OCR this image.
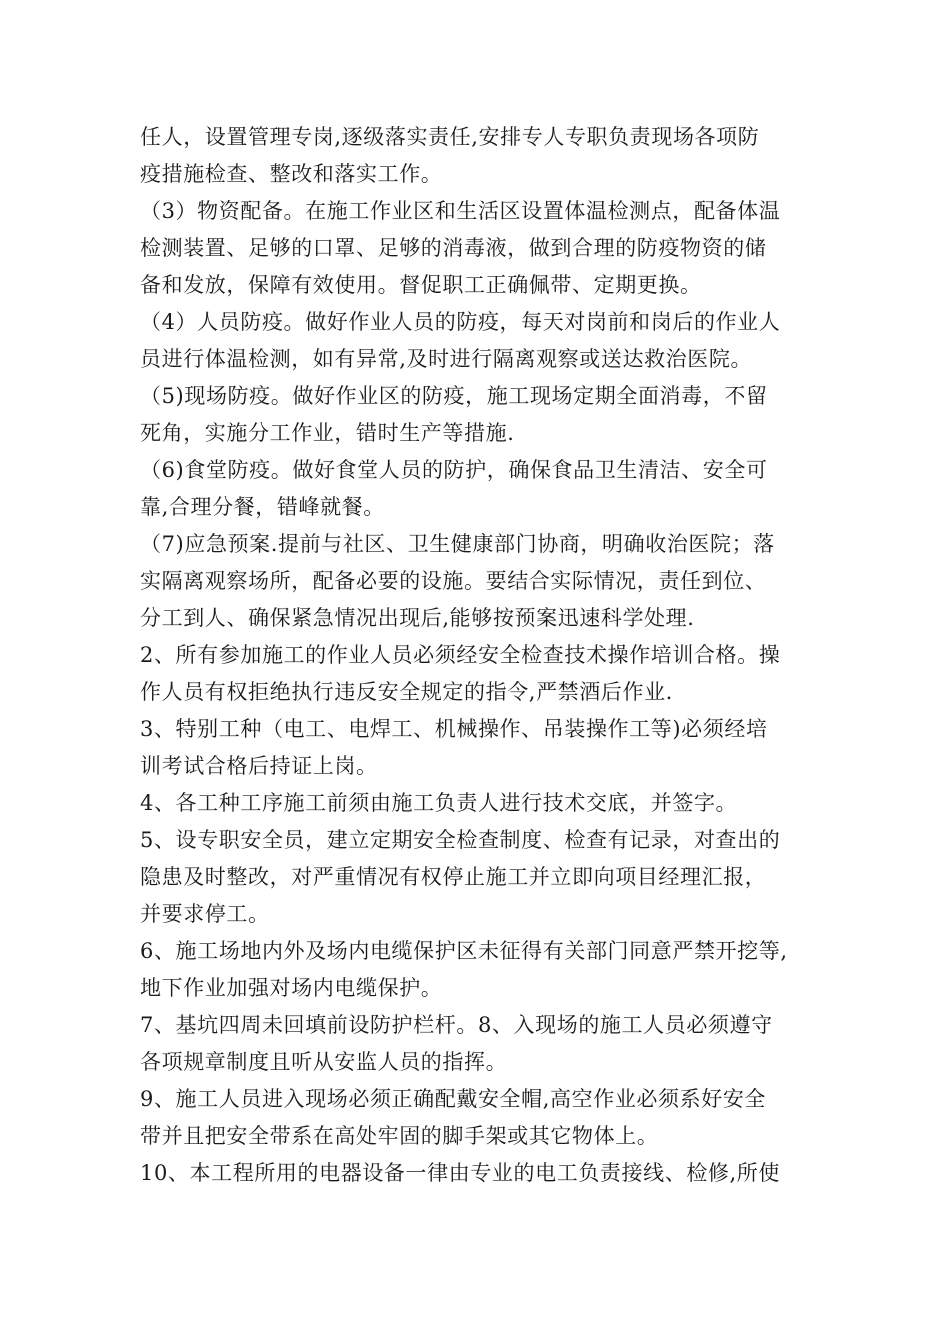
任人，设置管理专岗,逐级落实责任,安排专人专职负责现场各项防
疫措施检查、整改和落实工作。
（3）物资配备。在施工作业区和生活区设置体温检测点，配备体温
检测装置、足够的口罩、足够的消毒液，做到合理的防疫物资的储
备和发放，保障有效使用。督促职工正确佩带、定期更换。
（4）人员防疫。做好作业人员的防疫，每天对岗前和岗后的作业人
员进行体温检测，如有异常,及时进行隔离观察或送达救治医院。
（5)现场防疫。做好作业区的防疫，施工现场定期全面消毒，不留
死角，实施分工作业，错时生产等措施.
（6)食堂防疫。做好食堂人员的防护，确保食品卫生清洁、安全可
靠,合理分餐，错峰就餐。
（7)应急预案.提前与社区、卫生健康部门协商，明确收治医院；落
实隔离观察场所，配备必要的设施。要结合实际情况，责任到位、
分工到人、确保紧急情况出现后,能够按预案迅速科学处理.
2、所有参加施工的作业人员必须经安全检查技术操作培训合格。操
作人员有权拒绝执行违反安全规定的指令,严禁酒后作业.
3、特别工种（电工、电焊工、机械操作、吊装操作工等)必须经培
训考试合格后持证上岗。
4、各工种工序施工前须由施工负责人进行技术交底，并签字。
5、设专职安全员，建立定期安全检查制度、检查有记录，对查出的
隐患及时整改，对严重情况有权停止施工并立即向项目经理汇报，
并要求停工。
6、施工场地内外及场内电缆保护区未征得有关部门同意严禁开挖等,
地下作业加强对场内电缆保护。
7、基坑四周未回填前设防护栏杆。8、入现场的施工人员必须遵守
各项规章制度且听从安监人员的指挥。
9、施工人员进入现场必须正确配戴安全帽,高空作业必须系好安全
带并且把安全带系在高处牢固的脚手架或其它物体上。
10、本工程所用的电器设备一律由专业的电工负责接线、检修,所使
